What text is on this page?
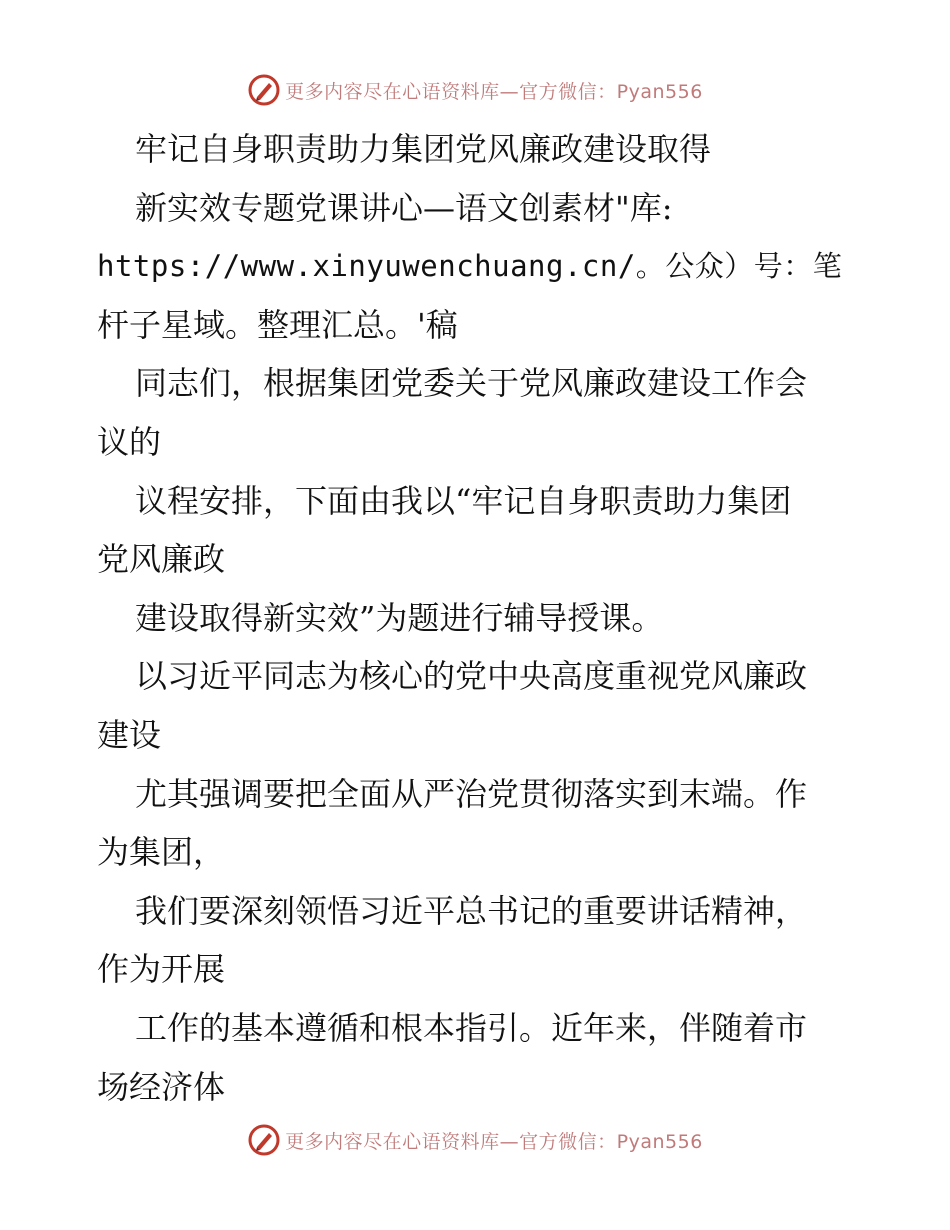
更多内容尽在心语资料库—官方微信：Pyan556
牢记自身职责助力集团党风廉政建设取得
新实效专题党课讲心—语文创素材"库:
https://www.xinyuwenchuang.cn/。公众）号：笔
杆子星域。整理汇总。'稿
同志们，根据集团党委关于党风廉政建设工作会
议的
议程安排，下面由我以“牢记自身职责助力集团
党风廉政
建设取得新实效”为题进行辅导授课。
以习近平同志为核心的党中央高度重视党风廉政
建设
尤其强调要把全面从严治党贯彻落实到末端。作
为集团，
我们要深刻领悟习近平总书记的重要讲话精神，
作为开展
工作的基本遵循和根本指引。近年来，伴随着市
场经济体
更多内容尽在心语资料库—官方微信：Pyan556
